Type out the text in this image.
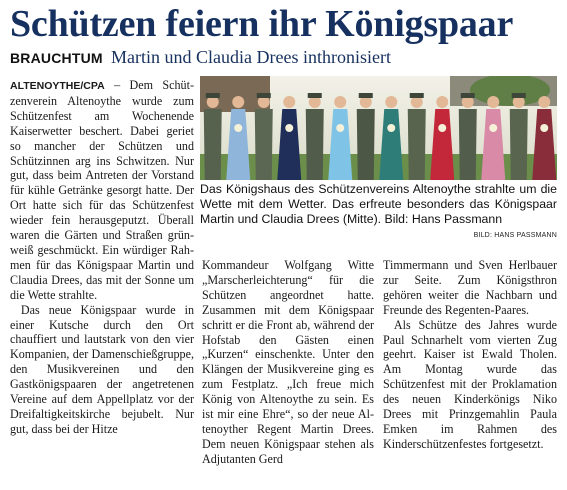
Schützen feiern ihr Königspaar
BRAUCHTUM Martin und Claudia Drees inthronisiert

ALTENOYTHE/CPA – Dem Schützenverein Altenoythe wurde zum Schützenfest am Wochenende Kaiserwetter beschert. Dabei geriet so mancher der Schützen und Schützinnen arg ins Schwitzen. Nur gut, dass beim Antreten der Vorstand für kühle Getränke gesorgt hatte. Der Ort hatte sich für das Schützenfest wieder fein herausgeputzt. Überall waren die Gärten und Straßen grün-weiß geschmückt. Ein würdiger Rahmen für das Königspaar Martin und Claudia Drees, das mit der Sonne um die Wette strahlte.

Das neue Königspaar wurde in einer Kutsche durch den Ort chauffiert und lautstark von den vier Kompanien, der Damenschießgruppe, den Musikvereinen und den Gastkönigspaaren der angetretenen Vereine auf dem Appellplatz vor der Dreifaltigkeitskirche bejubelt. Nur gut, dass bei der Hitze

Das Königshaus des Schützenvereins Altenoythe strahlte um die Wette mit dem Wetter. Das erfreute besonders das Königspaar Martin und Claudia Drees (Mitte). Bild: Hans Passmann
BILD: HANS PASSMANN

Kommandeur Wolfgang Witte „Marscherleichterung“ für die Schützen angeordnet hatte. Zusammen mit dem Königspaar schritt er die Front ab, während der Hofstab den Gästen einen „Kurzen“ einschenkte. Unter den Klängen der Musikvereine ging es zum Festplatz. „Ich freue mich König von Altenoythe zu sein. Es ist mir eine Ehre“, so der neue Altenoyther Regent Martin Drees. Dem neuen Königspaar stehen als Adjutanten Gerd

Timmermann und Sven Herlbauer zur Seite. Zum Königsthron gehören weiter die Nachbarn und Freunde des Regenten-Paares.

Als Schütze des Jahres wurde Paul Schnarhelt vom vierten Zug geehrt. Kaiser ist Ewald Tholen. Am Montag wurde das Schützenfest mit der Proklamation des neuen Kinderkönigs Niko Drees mit Prinzgemahlin Paula Emken im Rahmen des Kinderschützenfestes fortgesetzt.
